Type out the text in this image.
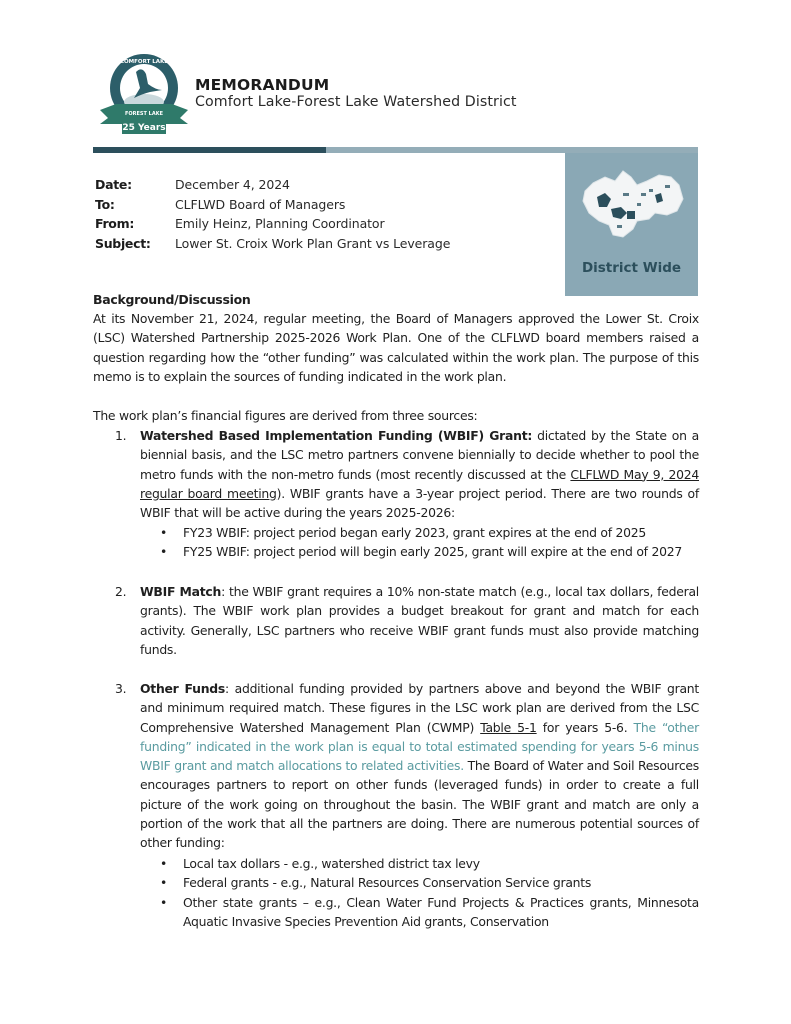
25 Years
COMFORT LAKE
FOREST LAKE
MEMORANDUM
Comfort Lake-Forest Lake Watershed District
District Wide
Date:	December 4, 2024
To:	CLFLWD Board of Managers
From:	Emily Heinz, Planning Coordinator
Subject: Lower St. Croix Work Plan Grant vs Leverage
Background/Discussion
At its November 21, 2024, regular meeting, the Board of Managers approved the Lower St. Croix (LSC) Watershed Partnership 2025-2026 Work Plan. One of the CLFLWD board members raised a question regarding how the “other funding” was calculated within the work plan. The purpose of this memo is to explain the sources of funding indicated in the work plan.
The work plan’s financial figures are derived from three sources:
1. Watershed Based Implementation Funding (WBIF) Grant: dictated by the State on a biennial basis, and the LSC metro partners convene biennially to decide whether to pool the metro funds with the non-metro funds (most recently discussed at the CLFLWD May 9, 2024 regular board meeting). WBIF grants have a 3-year project period. There are two rounds of WBIF that will be active during the years 2025-2026:
• FY23 WBIF: project period began early 2023, grant expires at the end of 2025
• FY25 WBIF: project period will begin early 2025, grant will expire at the end of 2027
2. WBIF Match: the WBIF grant requires a 10% non-state match (e.g., local tax dollars, federal grants). The WBIF work plan provides a budget breakout for grant and match for each activity. Generally, LSC partners who receive WBIF grant funds must also provide matching funds.
3. Other Funds: additional funding provided by partners above and beyond the WBIF grant and minimum required match. These figures in the LSC work plan are derived from the LSC Comprehensive Watershed Management Plan (CWMP) Table 5-1 for years 5-6. The “other funding” indicated in the work plan is equal to total estimated spending for years 5-6 minus WBIF grant and match allocations to related activities. The Board of Water and Soil Resources encourages partners to report on other funds (leveraged funds) in order to create a full picture of the work going on throughout the basin. The WBIF grant and match are only a portion of the work that all the partners are doing. There are numerous potential sources of other funding:
• Local tax dollars - e.g., watershed district tax levy
• Federal grants - e.g., Natural Resources Conservation Service grants
• Other state grants – e.g., Clean Water Fund Projects & Practices grants, Minnesota Aquatic Invasive Species Prevention Aid grants, Conservation
